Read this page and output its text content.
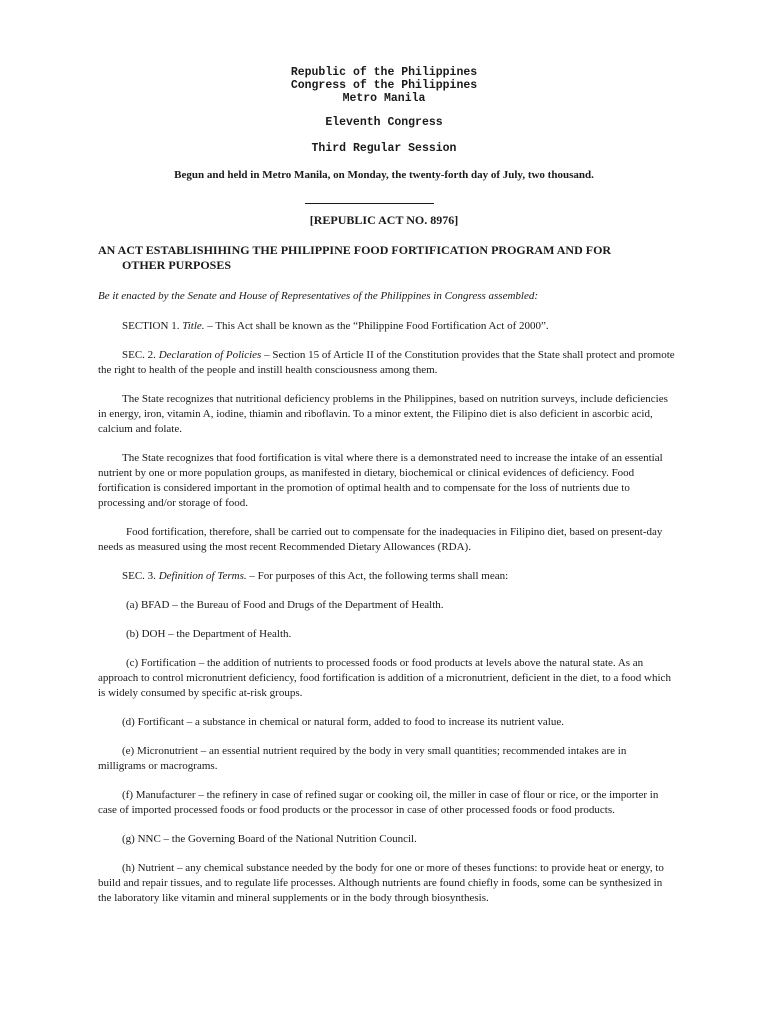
Republic of the Philippines
Congress of the Philippines
Metro Manila
Eleventh Congress
Third Regular Session
Begun and held in Metro Manila, on Monday, the twenty-forth day of July, two thousand.
[REPUBLIC ACT NO. 8976]
AN ACT ESTABLISHIHING THE PHILIPPINE FOOD FORTIFICATION PROGRAM AND FOR
OTHER PURPOSES

Be it enacted by the Senate and House of Representatives of the Philippines in Congress assembled:

SECTION 1. Title. – This Act shall be known as the “Philippine Food Fortification Act of 2000”.

SEC. 2. Declaration of Policies – Section 15 of Article II of the Constitution provides that the State shall protect and promote the right to health of the people and instill health consciousness among them.

The State recognizes that nutritional deficiency problems in the Philippines, based on nutrition surveys, include deficiencies in energy, iron, vitamin A, iodine, thiamin and riboflavin. To a minor extent, the Filipino diet is also deficient in ascorbic acid, calcium and folate.

The State recognizes that food fortification is vital where there is a demonstrated need to increase the intake of an essential nutrient by one or more population groups, as manifested in dietary, biochemical or clinical evidences of deficiency. Food fortification is considered important in the promotion of optimal health and to compensate for the loss of nutrients due to processing and/or storage of food.

Food fortification, therefore, shall be carried out to compensate for the inadequacies in Filipino diet, based on present-day needs as measured using the most recent Recommended Dietary Allowances (RDA).

SEC. 3. Definition of Terms. – For purposes of this Act, the following terms shall mean:

(a) BFAD – the Bureau of Food and Drugs of the Department of Health.

(b) DOH – the Department of Health.

(c) Fortification – the addition of nutrients to processed foods or food products at levels above the natural state. As an approach to control micronutrient deficiency, food fortification is addition of a micronutrient, deficient in the diet, to a food which is widely consumed by specific at-risk groups.

(d) Fortificant – a substance in chemical or natural form, added to food to increase its nutrient value.

(e) Micronutrient – an essential nutrient required by the body in very small quantities; recommended intakes are in milligrams or macrograms.

(f) Manufacturer – the refinery in case of refined sugar or cooking oil, the miller in case of flour or rice, or the importer in case of imported processed foods or food products or the processor in case of other processed foods or food products.

(g) NNC – the Governing Board of the National Nutrition Council.

(h) Nutrient – any chemical substance needed by the body for one or more of theses functions: to provide heat or energy, to build and repair tissues, and to regulate life processes. Although nutrients are found chiefly in foods, some can be synthesized in the laboratory like vitamin and mineral supplements or in the body through biosynthesis.
